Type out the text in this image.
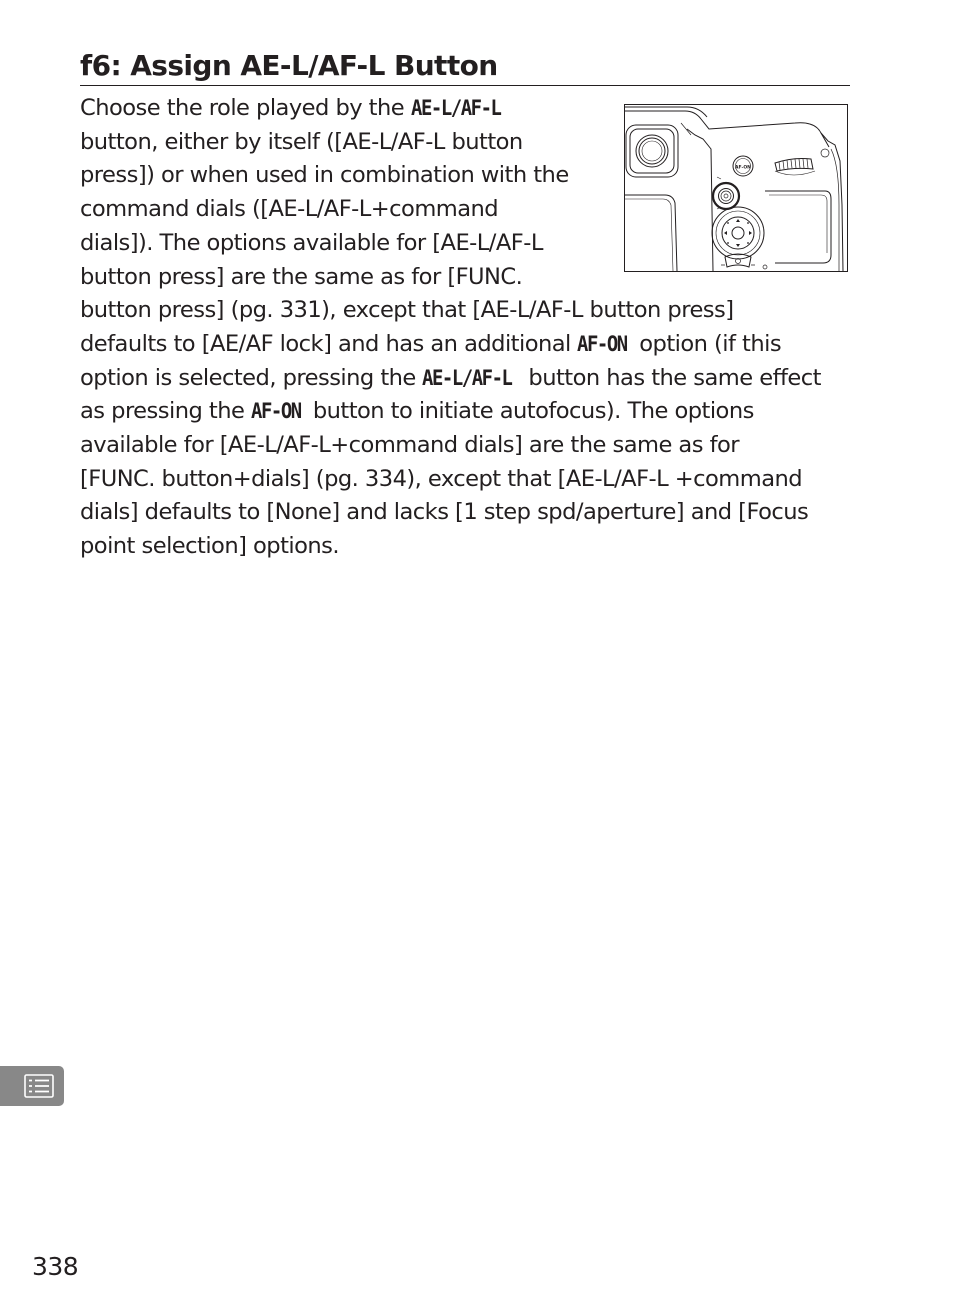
f6: Assign AE-L/AF-L Button

Choose the role played by the AE-L/AF-L
button, either by itself ([AE-L/AF-L button
press]) or when used in combination with the
command dials ([AE-L/AF-L+command
dials]). The options available for [AE-L/AF-L
button press] are the same as for [FUNC.
button press] (pg. 331), except that [AE-L/AF-L button press]
defaults to [AE/AF lock] and has an additional AF-ON option (if this
option is selected, pressing the AE-L/AF-L button has the same effect
as pressing the AF-ON button to initiate autofocus). The options
available for [AE-L/AF-L+command dials] are the same as for
[FUNC. button+dials] (pg. 334), except that [AE-L/AF-L +command
dials] defaults to [None] and lacks [1 step spd/aperture] and [Focus
point selection] options.

AF-ON
338
